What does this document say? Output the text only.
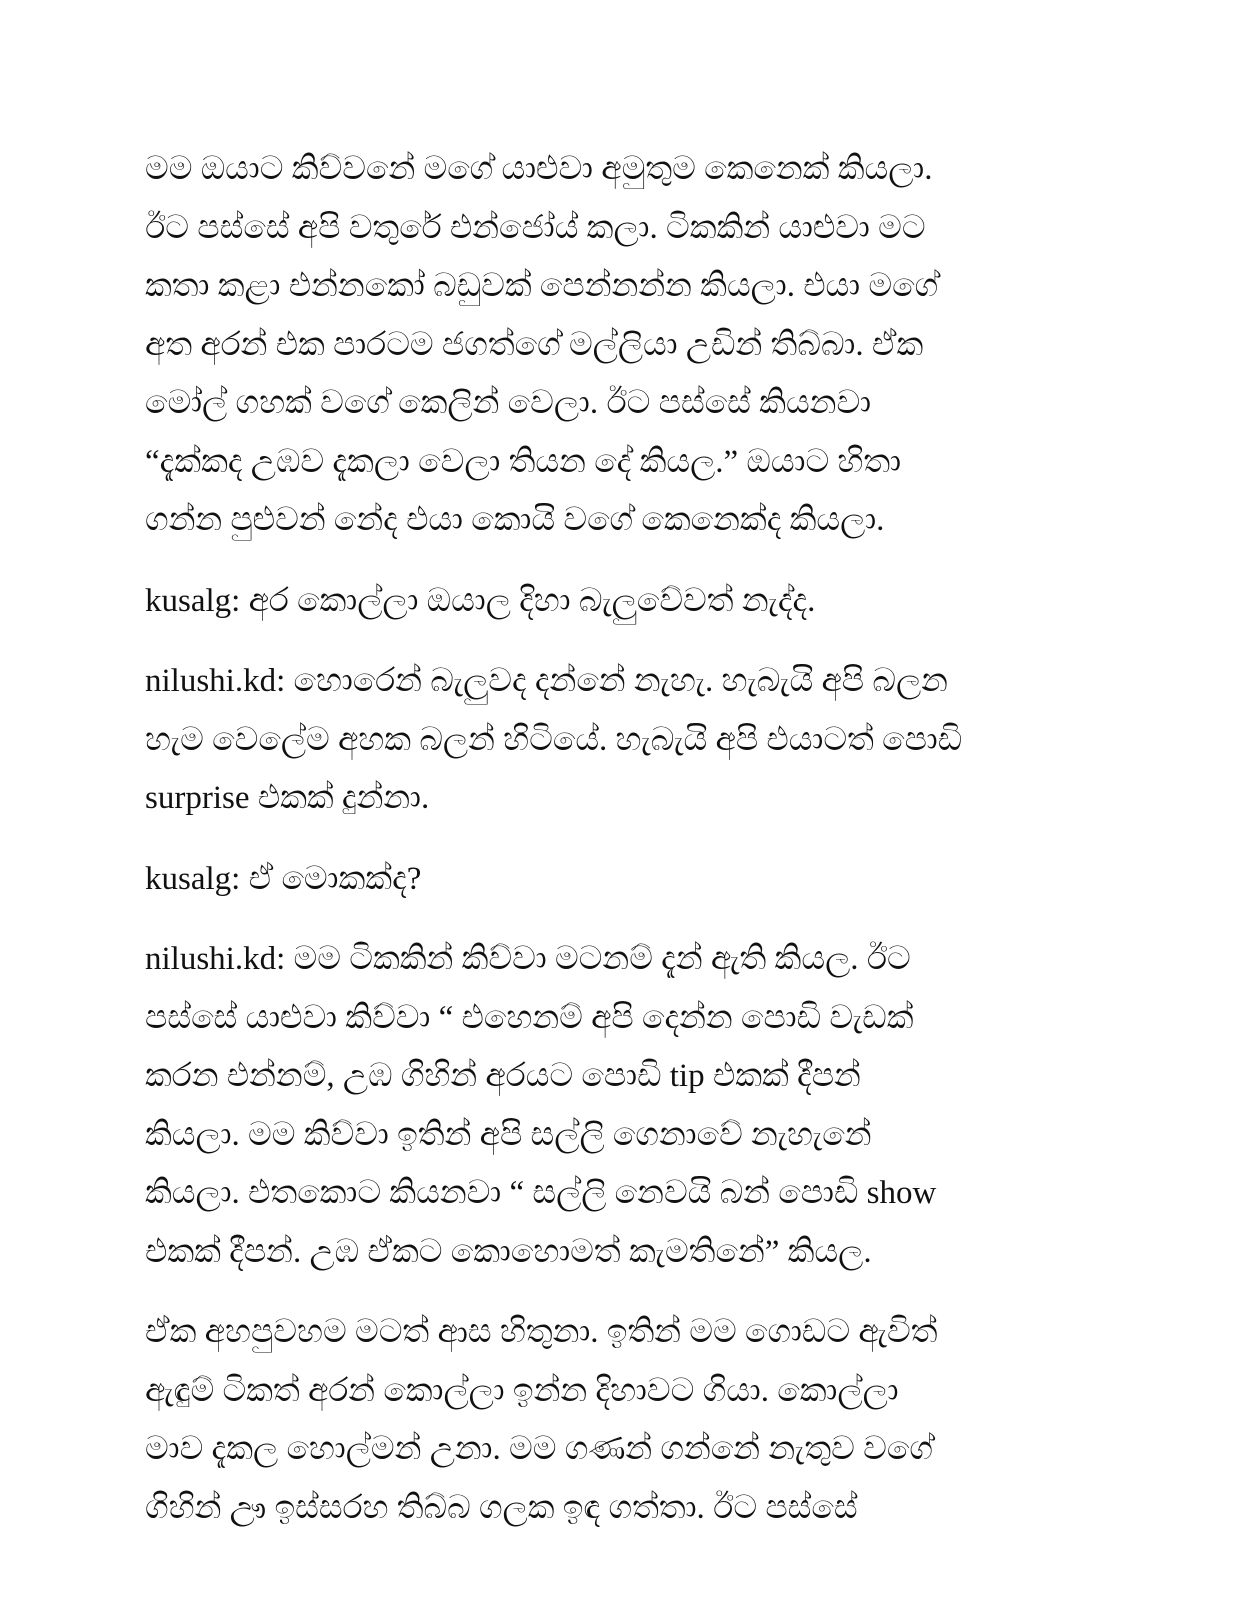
මම ඔයාට කිව්වනේ මගේ යාළුවා අමුතුම කෙනෙක් කියලා.
ඊට පස්සේ අපි වතුරේ එන්ජෝය් කලා. ටිකකින් යාළුවා මට
කතා කළා එන්නකෝ බඩුවක් පෙන්නන්න කියලා. එයා මගේ
අත අරන් එක පාරටම ජගත්ගේ මල්ලියා උඩින් තිබ්බා. ඒක
මෝල් ගහක් වගේ කෙලින් වෙලා. ඊට පස්සේ කියනවා
“දැක්කද උඹව දැකලා වෙලා තියන දේ කියල.” ඔයාට හිතා
ගන්න පුළුවන් නේද එයා කොයි වගේ කෙනෙක්ද කියලා.
kusalg: අර කොල්ලා ඔයාල දිහා බැලුවේවත් නැද්ද.
nilushi.kd: හොරෙන් බැලුවද දන්නේ නැහැ. හැබැයි අපි බලන
හැම වෙලේම අහක බලන් හිටියේ. හැබැයි අපි එයාටත් පොඩි
surprise එකක් දුන්නා.
kusalg: ඒ මොකක්ද?
nilushi.kd: මම ටිකකින් කිව්වා මටනම් දැන් ඇති කියල. ඊට
පස්සේ යාළුවා කිව්වා “ එහෙනම් අපි දෙන්න පොඩි වැඩක්
කරන එන්නම්, උඹ ගිහින් අරයට පොඩි tip එකක් දීපන්
කියලා. මම කිව්වා ඉතින් අපි සල්ලි ගෙනාවේ නැහැනේ
කියලා. එතකොට කියනවා “ සල්ලි නෙවයි බන් පොඩි show
එකක් දීපන්. උඹ ඒකට කොහොමත් කැමතිනේ” කියල.
ඒක අහපුවහම මටත් ආස හිතුනා. ඉතින් මම ගොඩට ඇවිත්
ඇඳුම් ටිකත් අරන් කොල්ලා ඉන්න දිහාවට ගියා. කොල්ලා
මාව දැකල හොල්මන් උනා. මම ගණන් ගන්නේ නැතුව වගේ
ගිහින් ඌ ඉස්සරහ තිබ්බ ගලක ඉඳ ගත්තා. ඊට පස්සේ
